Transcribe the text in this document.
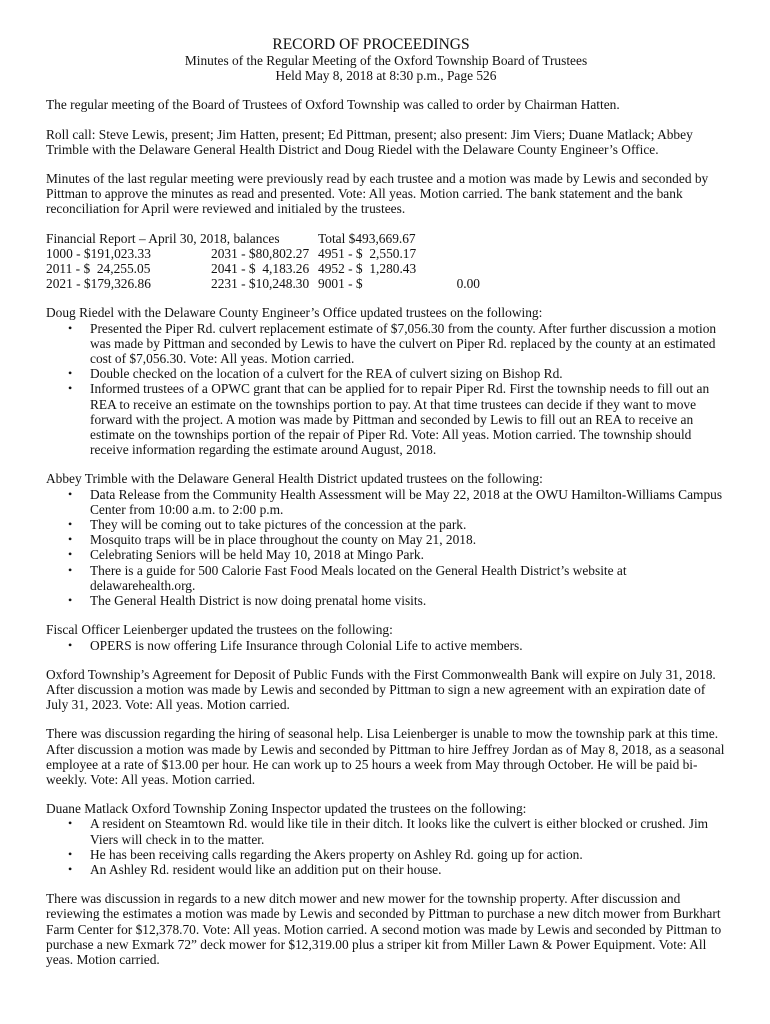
RECORD OF PROCEEDINGS
Minutes of the Regular Meeting of the Oxford Township Board of Trustees
Held May 8, 2018 at 8:30 p.m., Page 526

The regular meeting of the Board of Trustees of Oxford Township was called to order by Chairman Hatten.

Roll call: Steve Lewis, present; Jim Hatten, present; Ed Pittman, present; also present: Jim Viers; Duane Matlack; Abbey Trimble with the Delaware General Health District and Doug Riedel with the Delaware County Engineer’s Office.

Minutes of the last regular meeting were previously read by each trustee and a motion was made by Lewis and seconded by Pittman to approve the minutes as read and presented. Vote: All yeas. Motion carried. The bank statement and the bank reconciliation for April were reviewed and initialed by the trustees.

Financial Report – April 30, 2018, balances		Total $493,669.67	
1000 - $191,023.33	2031 - $80,802.27	4951 - $  2,550.17	
2011 - $  24,255.05	2041 - $  4,183.26	4952 - $  1,280.43	
2021 - $179,326.86	2231 - $10,248.30	9001 - $	0.00

Doug Riedel with the Delaware County Engineer’s Office updated trustees on the following:

• Presented the Piper Rd. culvert replacement estimate of $7,056.30 from the county. After further discussion a motion was made by Pittman and seconded by Lewis to have the culvert on Piper Rd. replaced by the county at an estimated cost of $7,056.30. Vote: All yeas. Motion carried.
• Double checked on the location of a culvert for the REA of culvert sizing on Bishop Rd.
• Informed trustees of a OPWC grant that can be applied for to repair Piper Rd. First the township needs to fill out an REA to receive an estimate on the townships portion to pay. At that time trustees can decide if they want to move forward with the project. A motion was made by Pittman and seconded by Lewis to fill out an REA to receive an estimate on the townships portion of the repair of Piper Rd. Vote: All yeas. Motion carried. The township should receive information regarding the estimate around August, 2018.

Abbey Trimble with the Delaware General Health District updated trustees on the following:

• Data Release from the Community Health Assessment will be May 22, 2018 at the OWU Hamilton-Williams Campus Center from 10:00 a.m. to 2:00 p.m.
• They will be coming out to take pictures of the concession at the park.
• Mosquito traps will be in place throughout the county on May 21, 2018.
• Celebrating Seniors will be held May 10, 2018 at Mingo Park.
• There is a guide for 500 Calorie Fast Food Meals located on the General Health District’s website at delawarehealth.org.
• The General Health District is now doing prenatal home visits.

Fiscal Officer Leienberger updated the trustees on the following:

• OPERS is now offering Life Insurance through Colonial Life to active members.

Oxford Township’s Agreement for Deposit of Public Funds with the First Commonwealth Bank will expire on July 31, 2018. After discussion a motion was made by Lewis and seconded by Pittman to sign a new agreement with an expiration date of July 31, 2023. Vote: All yeas. Motion carried.

There was discussion regarding the hiring of seasonal help. Lisa Leienberger is unable to mow the township park at this time. After discussion a motion was made by Lewis and seconded by Pittman to hire Jeffrey Jordan as of May 8, 2018, as a seasonal employee at a rate of $13.00 per hour. He can work up to 25 hours a week from May through October. He will be paid bi-weekly. Vote: All yeas. Motion carried.

Duane Matlack Oxford Township Zoning Inspector updated the trustees on the following:

• A resident on Steamtown Rd. would like tile in their ditch. It looks like the culvert is either blocked or crushed. Jim Viers will check in to the matter.
• He has been receiving calls regarding the Akers property on Ashley Rd. going up for action.
• An Ashley Rd. resident would like an addition put on their house.

There was discussion in regards to a new ditch mower and new mower for the township property. After discussion and reviewing the estimates a motion was made by Lewis and seconded by Pittman to purchase a new ditch mower from Burkhart Farm Center for $12,378.70. Vote: All yeas. Motion carried. A second motion was made by Lewis and seconded by Pittman to purchase a new Exmark 72” deck mower for $12,319.00 plus a striper kit from Miller Lawn & Power Equipment. Vote: All yeas. Motion carried.
